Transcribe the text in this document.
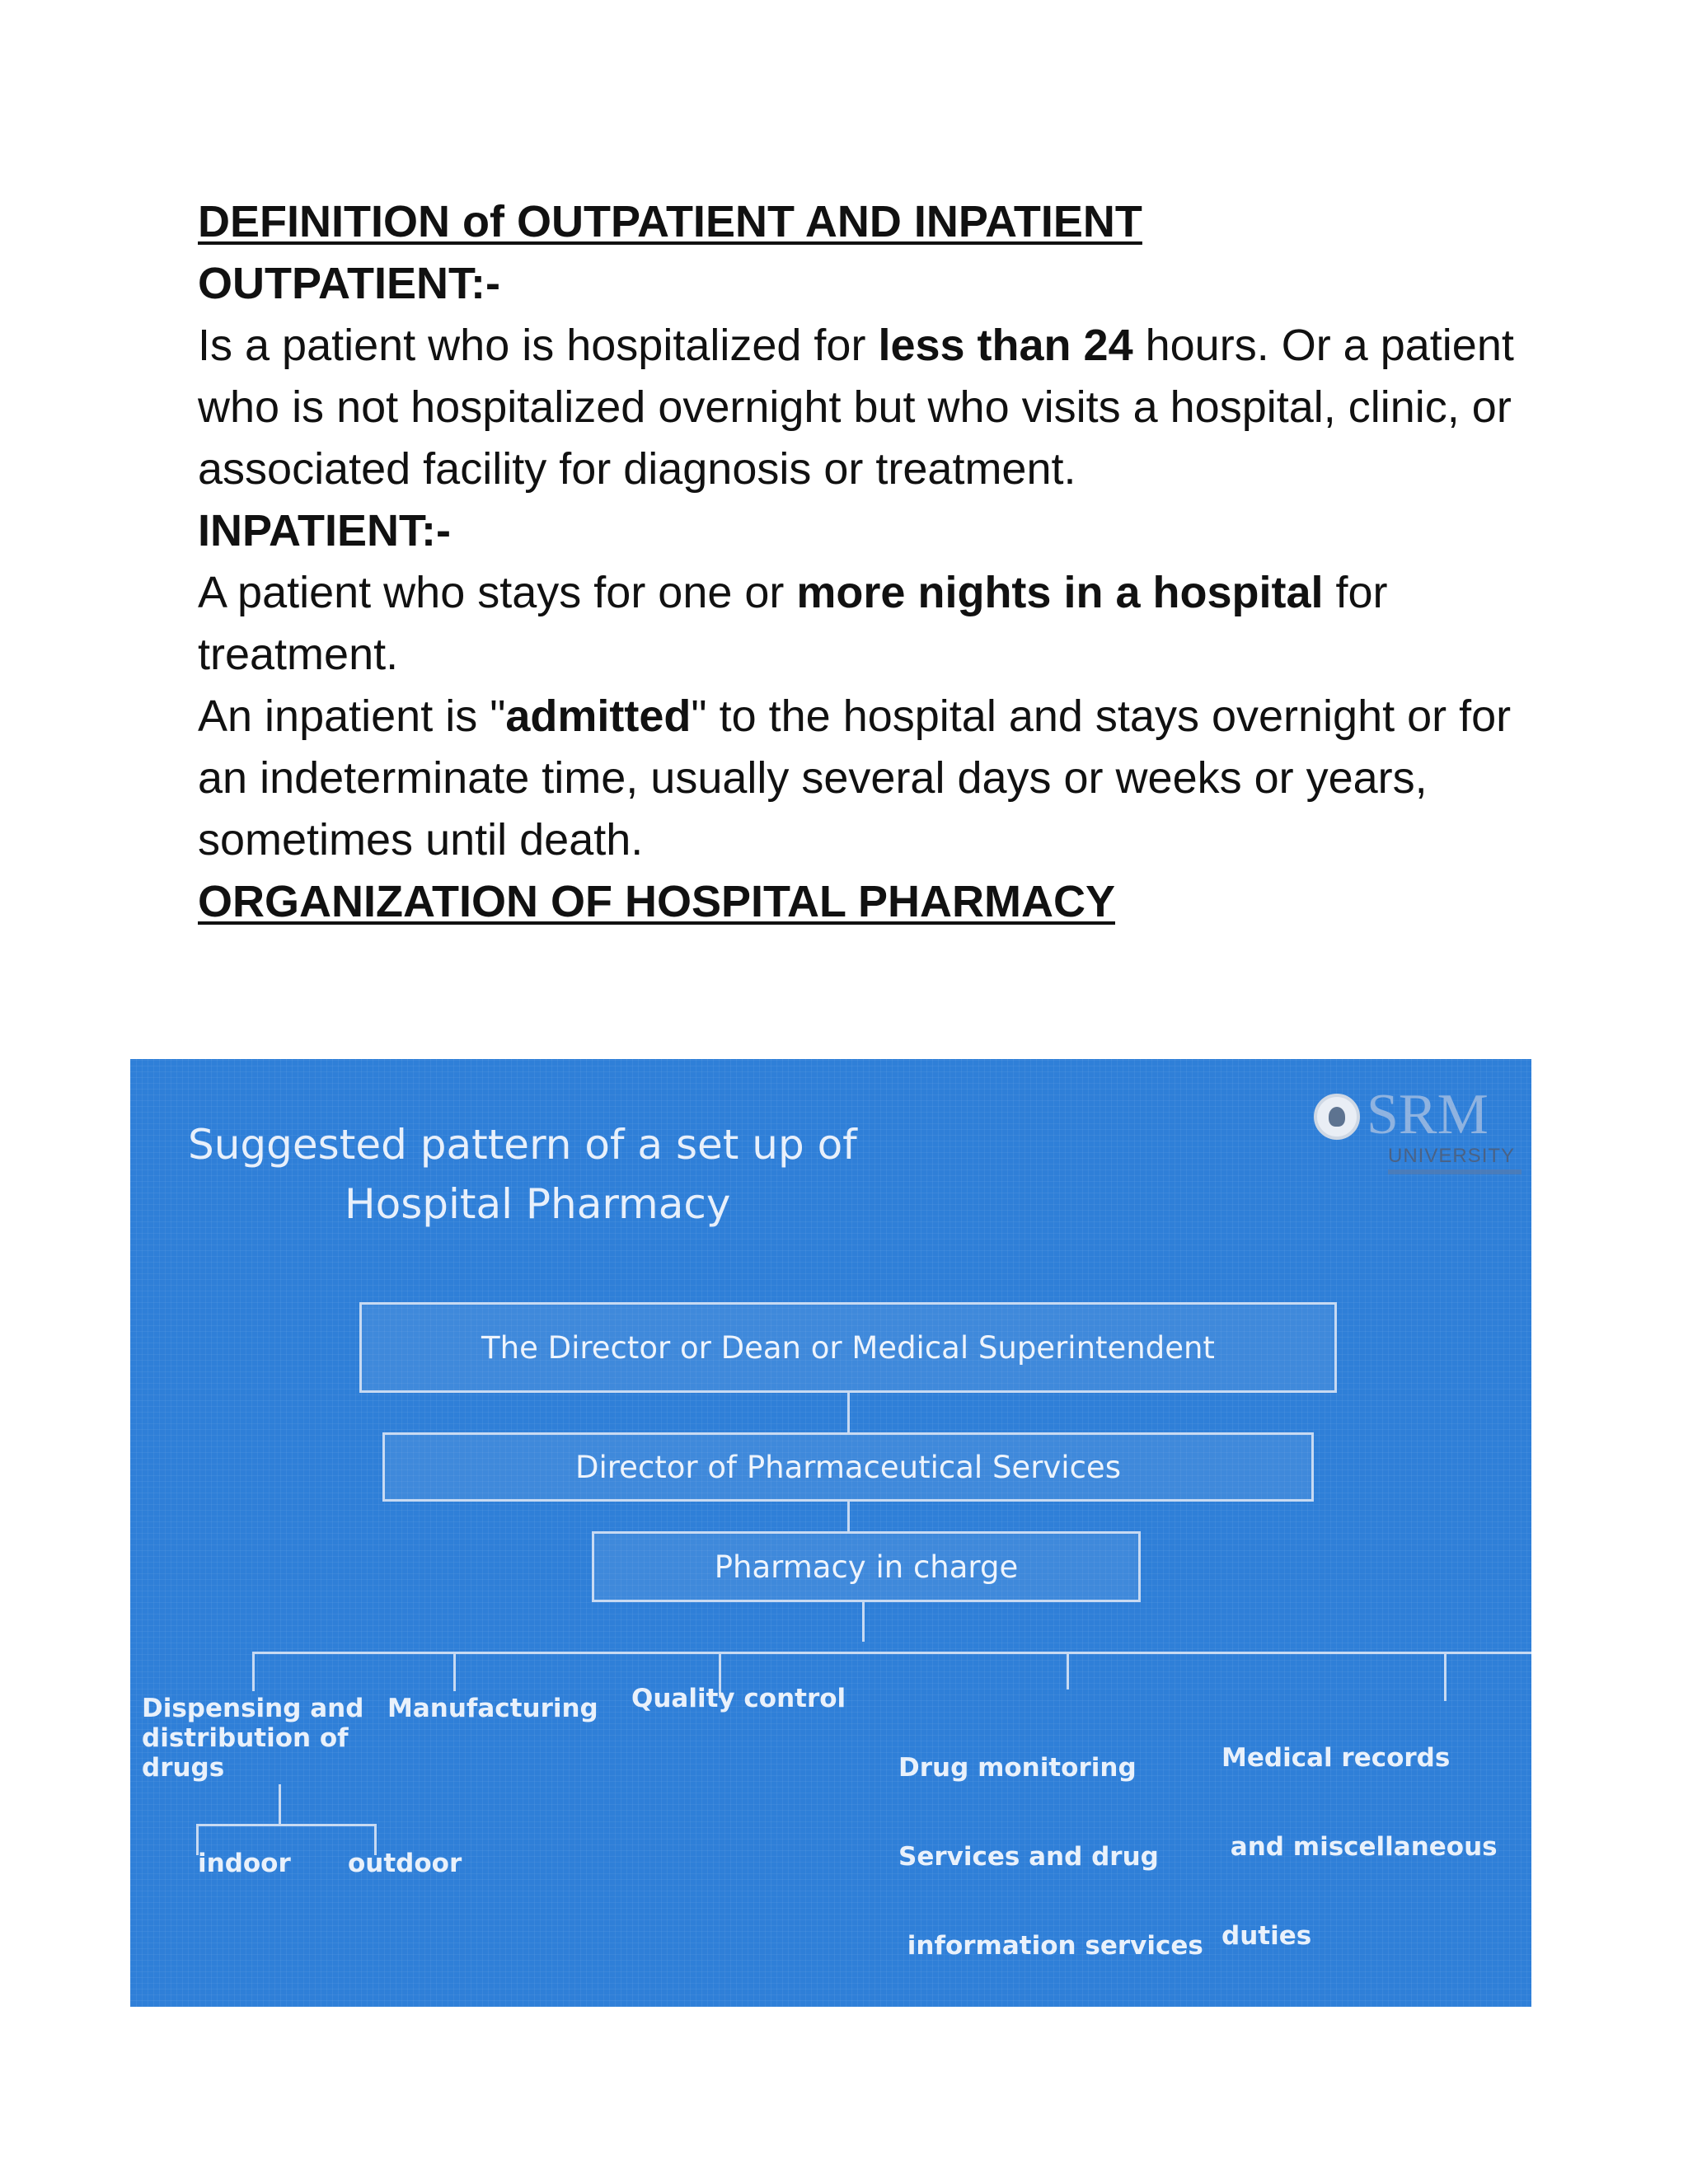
DEFINITION of OUTPATIENT AND INPATIENT

OUTPATIENT:-

Is a patient who is hospitalized for less than 24 hours. Or a patient who is not hospitalized overnight but who visits a hospital, clinic, or associated facility for diagnosis or treatment.

INPATIENT:-

A patient who stays for one or more nights in a hospital for treatment.

An inpatient is "admitted" to the hospital and stays overnight or for an indeterminate time, usually several days or weeks or years, sometimes until death.

ORGANIZATION OF HOSPITAL PHARMACY

Suggested pattern of a set up of
Hospital Pharmacy
SRM
UNIVERSITY
The Director or Dean or Medical Superintendent
Director of Pharmaceutical Services
Pharmacy in charge
Dispensing and
distribution of
drugs
Manufacturing Quality control

Drug monitoring

Services and drug

information services

Medical records

and miscellaneous

duties

indoor outdoor
